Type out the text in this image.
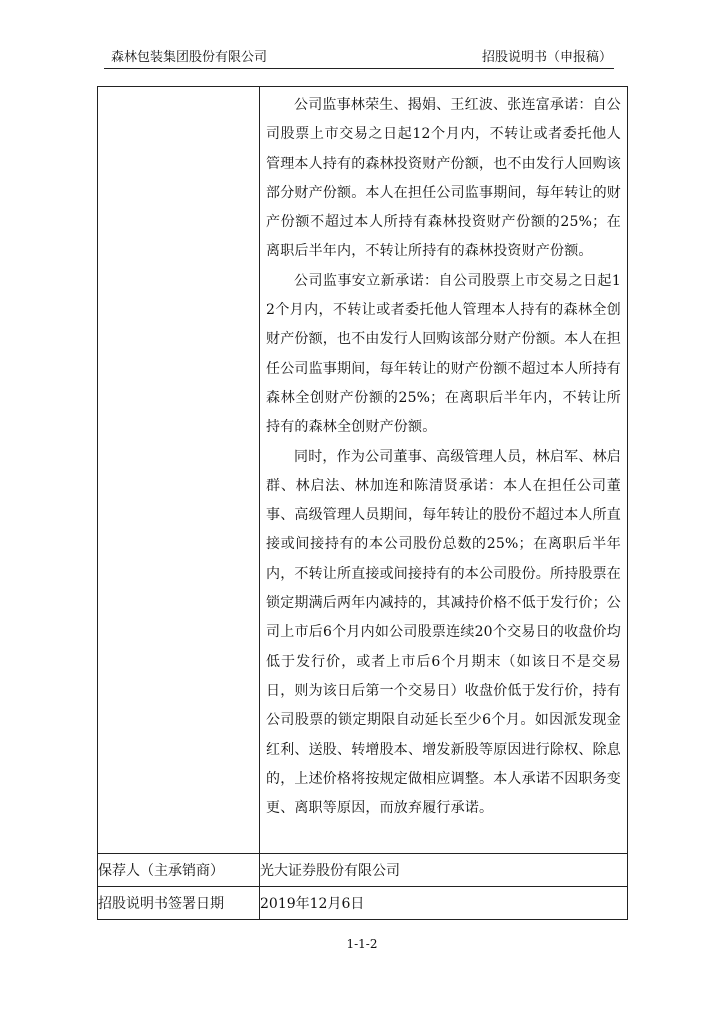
森林包装集团股份有限公司	招股说明书（申报稿）

	公司监事林荣生、揭娟、王红波、张连富承诺：自公司股票上市交易之日起12个月内，不转让或者委托他人管理本人持有的森林投资财产份额，也不由发行人回购该部分财产份额。本人在担任公司监事期间，每年转让的财产份额不超过本人所持有森林投资财产份额的25%；在离职后半年内，不转让所持有的森林投资财产份额。

公司监事安立新承诺：自公司股票上市交易之日起12个月内，不转让或者委托他人管理本人持有的森林全创财产份额，也不由发行人回购该部分财产份额。本人在担任公司监事期间，每年转让的财产份额不超过本人所持有森林全创财产份额的25%；在离职后半年内，不转让所持有的森林全创财产份额。

同时，作为公司董事、高级管理人员，林启军、林启群、林启法、林加连和陈清贤承诺：本人在担任公司董事、高级管理人员期间，每年转让的股份不超过本人所直接或间接持有的本公司股份总数的25%；在离职后半年内，不转让所直接或间接持有的本公司股份。所持股票在锁定期满后两年内减持的，其减持价格不低于发行价；公司上市后6个月内如公司股票连续20个交易日的收盘价均低于发行价，或者上市后6个月期末（如该日不是交易日，则为该日后第一个交易日）收盘价低于发行价，持有公司股票的锁定期限自动延长至少6个月。如因派发现金红利、送股、转增股本、增发新股等原因进行除权、除息的，上述价格将按规定做相应调整。本人承诺不因职务变更、离职等原因，而放弃履行承诺。

保荐人（主承销商）	光大证券股份有限公司
招股说明书签署日期	2019年12月6日
1-1-2
